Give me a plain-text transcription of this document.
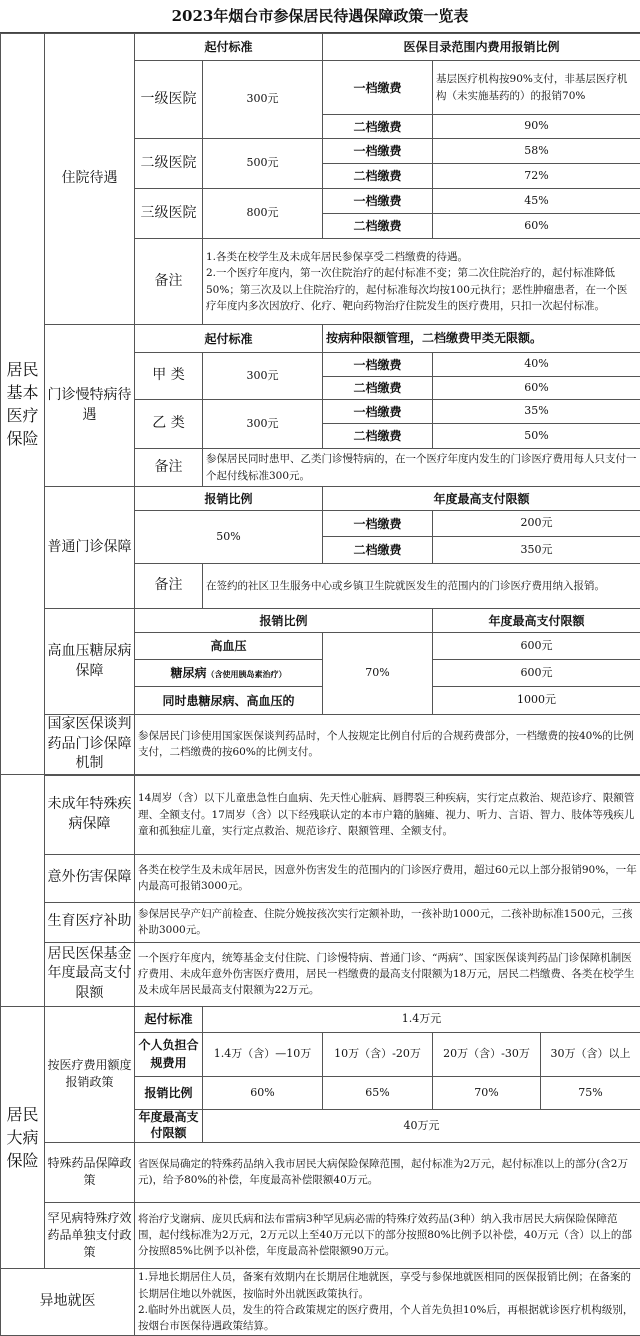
2023年烟台市参保居民待遇保障政策一览表
居民基本医疗保险	住院待遇	起付标准		医保目录范围内费用报销比例	
		一级医院	300元	一档缴费	基层医疗机构按90%支付，非基层医疗机构（未实施基药的）的报销70%
				二档缴费	90%
		二级医院	500元	一档缴费	58%
				二档缴费	72%
		三级医院	800元	一档缴费	45%
				二档缴费	60%
		备注	1.各类在校学生及未成年居民参保享受二档缴费的待遇。
2.一个医疗年度内，第一次住院治疗的起付标准不变；第二次住院治疗的，起付标准降低50%；第三次及以上住院治疗的，起付标准每次均按100元执行；恶性肿瘤患者，在一个医疗年度内多次因放疗、化疗、靶向药物治疗住院发生的医疗费用，只扣一次起付标准。		
	门诊慢特病待遇	起付标准		按病种限额管理，二档缴费甲类无限额。	
		甲 类	300元	一档缴费	40%
				二档缴费	60%
		乙 类	300元	一档缴费	35%
				二档缴费	50%
		备注	参保居民同时患甲、乙类门诊慢特病的，在一个医疗年度内发生的门诊医疗费用每人只支付一个起付线标准300元。		
	普通门诊保障	报销比例		年度最高支付限额	
		50%		一档缴费	200元
				二档缴费	350元
		备注	在签约的社区卫生服务中心或乡镇卫生院就医发生的范围内的门诊医疗费用纳入报销。		
	高血压糖尿病保障	报销比例			年度最高支付限额
		高血压		70%	600元
		糖尿病（含使用胰岛素治疗）			600元
		同时患糖尿病、高血压的			1000元
	国家医保谈判药品门诊保障机制	参保居民门诊使用国家医保谈判药品时，个人按规定比例自付后的合规药费部分，一档缴费的按40%的比例支付，二档缴费的按60%的比例支付。			
	未成年特殊疾病保障	14周岁（含）以下儿童患急性白血病、先天性心脏病、唇腭裂三种疾病，实行定点救治、规范诊疗、限额管理、全额支付。17周岁（含）以下经残联认定的本市户籍的脑瘫、视力、听力、言语、智力、肢体等残疾儿童和孤独症儿童，实行定点救治、规范诊疗、限额管理、全额支付。				
	意外伤害保障	各类在校学生及未成年居民，因意外伤害发生的范围内的门诊医疗费用，超过60元以上部分报销90%，一年内最高可报销3000元。				
	生育医疗补助	参保居民孕产妇产前检查、住院分娩按孩次实行定额补助，一孩补助1000元，二孩补助标准1500元，三孩补助3000元。				
	居民医保基金年度最高支付限额	一个医疗年度内，统筹基金支付住院、门诊慢特病、普通门诊、“两病”、国家医保谈判药品门诊保障机制医疗费用、未成年意外伤害医疗费用，居民一档缴费的最高支付限额为18万元，居民二档缴费、各类在校学生及未成年居民最高支付限额为22万元。				
居民大病保险	按医疗费用额度报销政策	起付标准	1.4万元			
		个人负担合规费用	1.4万（含）—10万	10万（含）-20万	20万（含）-30万	30万（含）以上
		报销比例	60%	65%	70%	75%
		年度最高支付限额	40万元			
	特殊药品保障政策	省医保局确定的特殊药品纳入我市居民大病保险保障范围，起付标准为2万元，起付标准以上的部分(含2万元)，给予80%的补偿，年度最高补偿限额40万元。				
	罕见病特殊疗效药品单独支付政策	将治疗戈谢病、庞贝氏病和法布雷病3种罕见病必需的特殊疗效药品(3种）纳入我市居民大病保险保障范围，起付线标准为2万元，2万元以上至40万元以下的部分按照80%比例予以补偿，40万元（含）以上的部分按照85%比例予以补偿，年度最高补偿限额90万元。				
异地就医		1.异地长期居住人员，备案有效期内在长期居住地就医，享受与参保地就医相同的医保报销比例；在备案的长期居住地以外就医，按临时外出就医政策执行。
2.临时外出就医人员，发生的符合政策规定的医疗费用，个人首先负担10%后，再根据就诊医疗机构级别，按烟台市医保待遇政策结算。				
